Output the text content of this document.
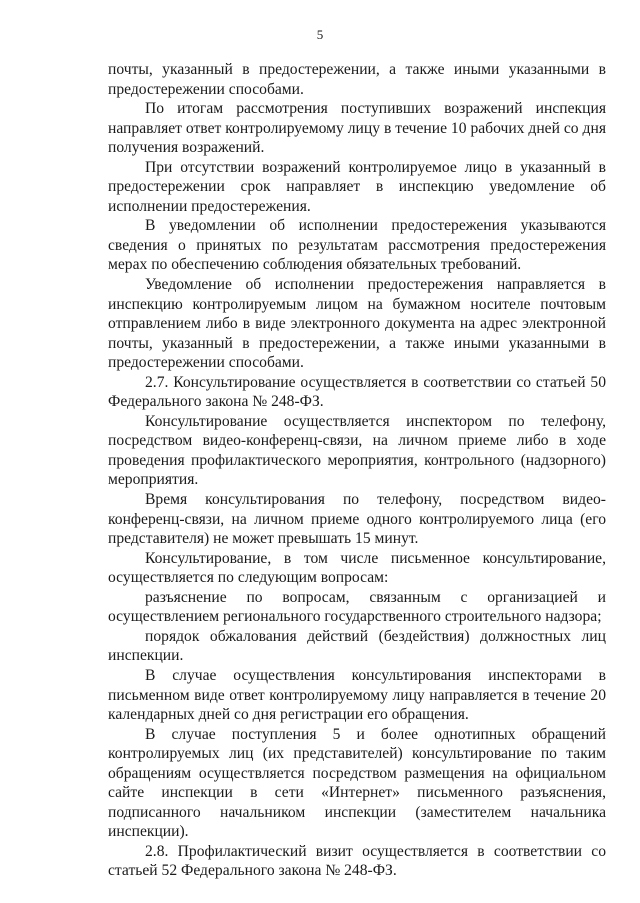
5

почты, указанный в предостережении, а также иными указанными в предостережении способами.

По итогам рассмотрения поступивших возражений инспекция направляет ответ контролируемому лицу в течение 10 рабочих дней со дня получения возражений.

При отсутствии возражений контролируемое лицо в указанный в предостережении срок направляет в инспекцию уведомление об исполнении предостережения.

В уведомлении об исполнении предостережения указываются сведения о принятых по результатам рассмотрения предостережения мерах по обеспечению соблюдения обязательных требований.

Уведомление об исполнении предостережения направляется в инспекцию контролируемым лицом на бумажном носителе почтовым отправлением либо в виде электронного документа на адрес электронной почты, указанный в предостережении, а также иными указанными в предостережении способами.

2.7. Консультирование осуществляется в соответствии со статьей 50 Федерального закона № 248-ФЗ.

Консультирование осуществляется инспектором по телефону, посредством видео-конференц-связи, на личном приеме либо в ходе проведения профилактического мероприятия, контрольного (надзорного) мероприятия.

Время консультирования по телефону, посредством видео-конференц-связи, на личном приеме одного контролируемого лица (его представителя) не может превышать 15 минут.

Консультирование, в том числе письменное консультирование, осуществляется по следующим вопросам:

разъяснение по вопросам, связанным с организацией и осуществлением регионального государственного строительного надзора;

порядок обжалования действий (бездействия) должностных лиц инспекции.

В случае осуществления консультирования инспекторами в письменном виде ответ контролируемому лицу направляется в течение 20 календарных дней со дня регистрации его обращения.

В случае поступления 5 и более однотипных обращений контролируемых лиц (их представителей) консультирование по таким обращениям осуществляется посредством размещения на официальном сайте инспекции в сети «Интернет» письменного разъяснения, подписанного начальником инспекции (заместителем начальника инспекции).

2.8. Профилактический визит осуществляется в соответствии со статьей 52 Федерального закона № 248-ФЗ.
